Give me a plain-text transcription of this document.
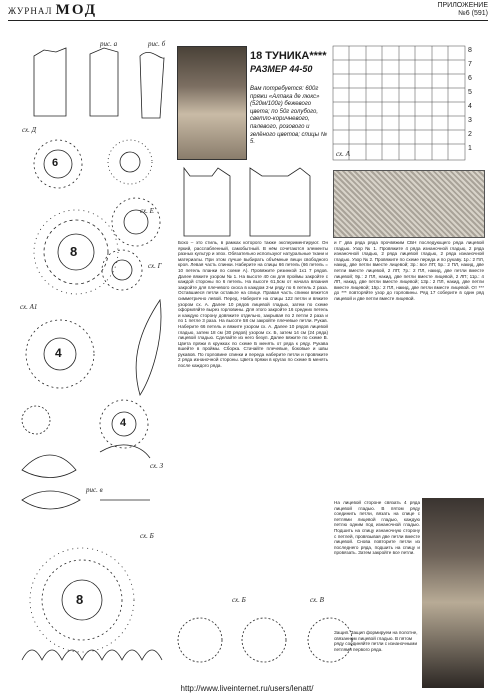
ЖУРНАЛ МОД	ПРИЛОЖЕНИЕ
№6 (591)
рис. а	рис. б
сх. Д
сх. Е
сх. Г
сх. А1
сх. З
рис. в
сх. Б
сх. Б	сх. В
сх. А
6
8
4
4
8
8
7
6
5
4
3
2
1
18 ТУНИКА****
РАЗМЕР 44-50
Вам потребуется: 600г пряжи «Алпака де люкс» (520м/100г) бежевого цвета; по 50г голубого, светло-коричневого, палевого, розового и зелёного цветов; спицы № 5.
Бохо – это стиль, в рамках которого также экспериментируют. Он яркий, расслабленный, самобытный. В нём сочетаются элементы разных культур и эпох. Обязательно используют натуральные ткани и материалы. При этом лучше выбирать объёмные вещи свободного кроя. Левая часть спинки. Наберите на спицы 66 петель (66 петель = 10 петель планки по схеме А). Провяжите резинкой 1х1 7 рядов. Далее вяжите узором № 1. На высоте 40 см для проймы закройте с каждой стороны по 6 петель. На высоте 61,5см от начала вязания закройте для плечевого скоса в каждом 2-м ряду по 6 петель 2 раза. Оставшиеся петли оставьте на спице. Правая часть спинки вяжется симметрично левой. Перед. Наберите на спицы 122 петли и вяжите узором сх. А. Далее 10 рядов лицевой гладью, затем по схеме оформляйте вырез горловины. Для этого закройте 16 средних петель и каждую сторону довяжите отдельно, закрывая по 2 петли 2 раза и по 1 петле 3 раза. На высоте 58 см закройте плечевые петли. Рукав. Наберите 66 петель и вяжите узором сх. А. Далее 10 рядов лицевой гладью, затем 18 см (30 рядов) узором сх. Б, затем 14 см (24 ряда) лицевой гладью. Сделайте из него безуп. Далее вяжите по схеме В. Цвета пряжи в кружках по схеме Б менять от ряда к ряду. Рукава вшейте в проймы. Сборка. Стачайте плечевые, боковые и швы рукавов. По горловине спинки и переда наберите петли и провяжите 2 ряда изнаночной стороны. Цвета пряжи в кругах по схеме Б менять после каждого ряда.
и Г два ряда ряда прочвяжим СБН последующего ряда лицевой гладью. Узор № 1. Провяжите 4 ряда изнаночной гладью, 2 ряда изнаночной гладью, 2 ряда лицевой гладью, 2 ряда изнаночной гладью. Узор № 2. Провяжите по схеме переда и по рукаву. 1р.: 2 ПЛ, накид, две петли вместе лицевой; 3р.: все ЛП; 5р.: 2 ПЛ, накид, две петли вместе лицевой, 2 ЛП; 7р.: 2 ПЛ, накид, две петли вместе лицевой; 9р.: 2 ПЛ, накид, две петли вместе лицевой, 2 ЛП; 11р.: 4 ЛП, накид, две петли вместе лицевой; 13р.: 2 ПЛ, накид, две петли вместе лицевой; 15р.: 2 ПЛ, накид, две петли вместе лицевой. От *** до *** повторяйте узор до горловины. Ряд 17 соберите в один ряд лицевой и две петли вместе лицевой.
На лицевой стороне связать 4 ряда лицевой гладью. В пятом ряду соединить петли, вязать на спице с петлями лицевой гладью, каждую петлю одним под изнаночной гладью. Подшить на спицу изнаночную сторону с петлей, провязывая две петли вместе лицевой. Снова повторите петли из последнего ряда, подшить на спицу и провязать. Затем закройте все петли.
Защип. Защип формируем на полотне, связанном лицевой гладью. В пятом ряду соединяйте петли с изнаночными петлями первого ряда.
http://www.liveinternet.ru/users/lenatt/
